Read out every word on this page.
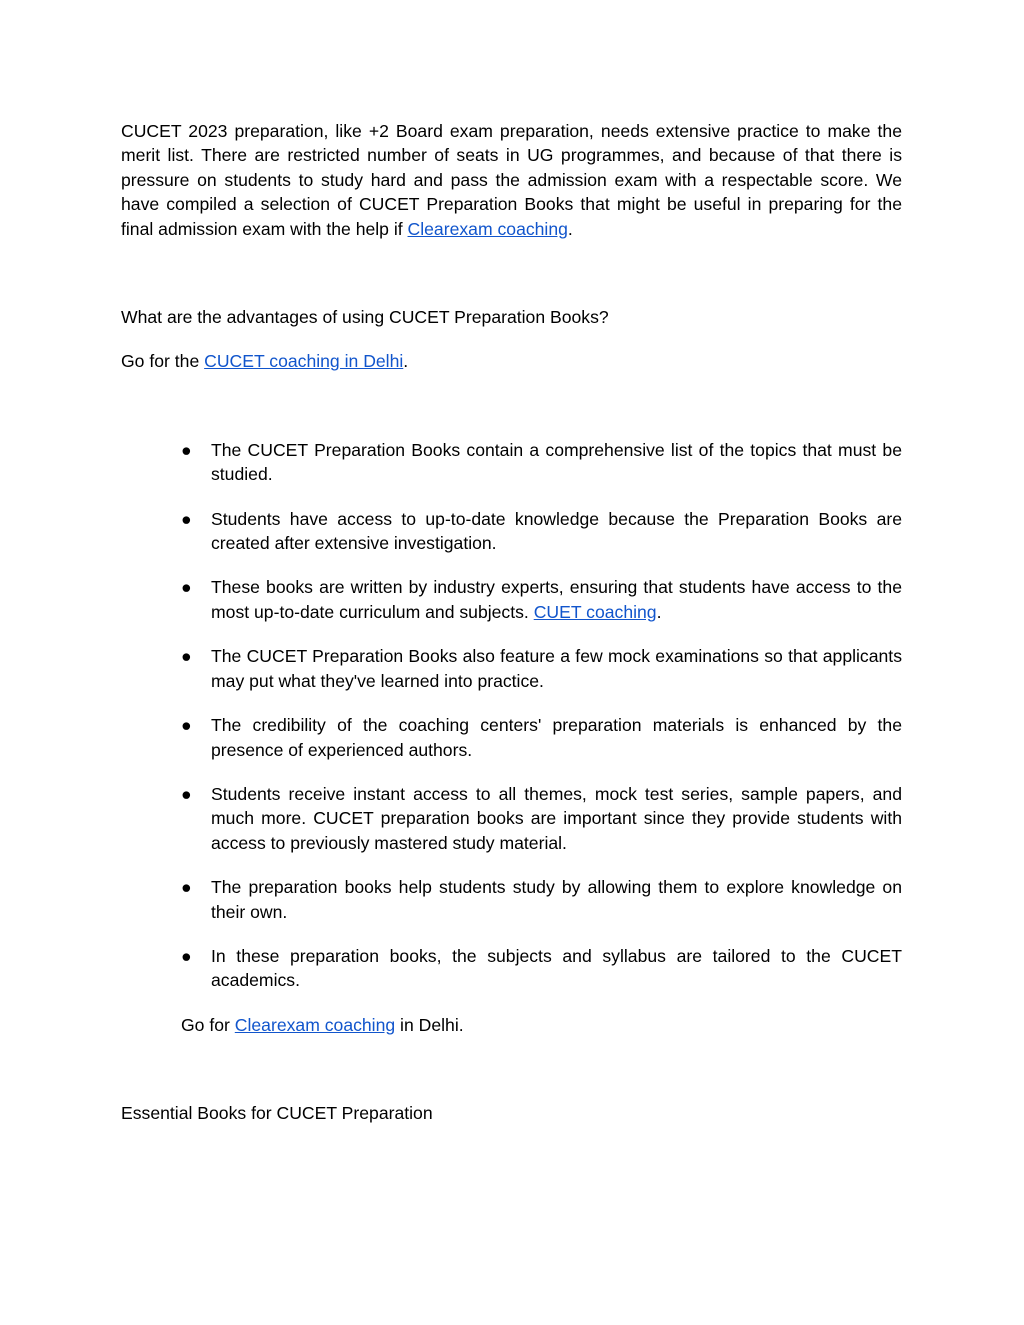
CUCET 2023 preparation, like +2 Board exam preparation, needs extensive practice to make the merit list. There are restricted number of seats in UG programmes, and because of that there is pressure on students to study hard and pass the admission exam with a respectable score. We have compiled a selection of CUCET Preparation Books that might be useful in preparing for the final admission exam with the help if Clearexam coaching.

What are the advantages of using CUCET Preparation Books?

Go for the CUCET coaching in Delhi.

● The CUCET Preparation Books contain a comprehensive list of the topics that must be studied.
● Students have access to up-to-date knowledge because the Preparation Books are created after extensive investigation.
● These books are written by industry experts, ensuring that students have access to the most up-to-date curriculum and subjects. CUET coaching.
● The CUCET Preparation Books also feature a few mock examinations so that applicants may put what they've learned into practice.
● The credibility of the coaching centers' preparation materials is enhanced by the presence of experienced authors.
● Students receive instant access to all themes, mock test series, sample papers, and much more. CUCET preparation books are important since they provide students with access to previously mastered study material.
● The preparation books help students study by allowing them to explore knowledge on their own.
● In these preparation books, the subjects and syllabus are tailored to the CUCET academics.

Go for Clearexam coaching in Delhi.

Essential Books for CUCET Preparation
